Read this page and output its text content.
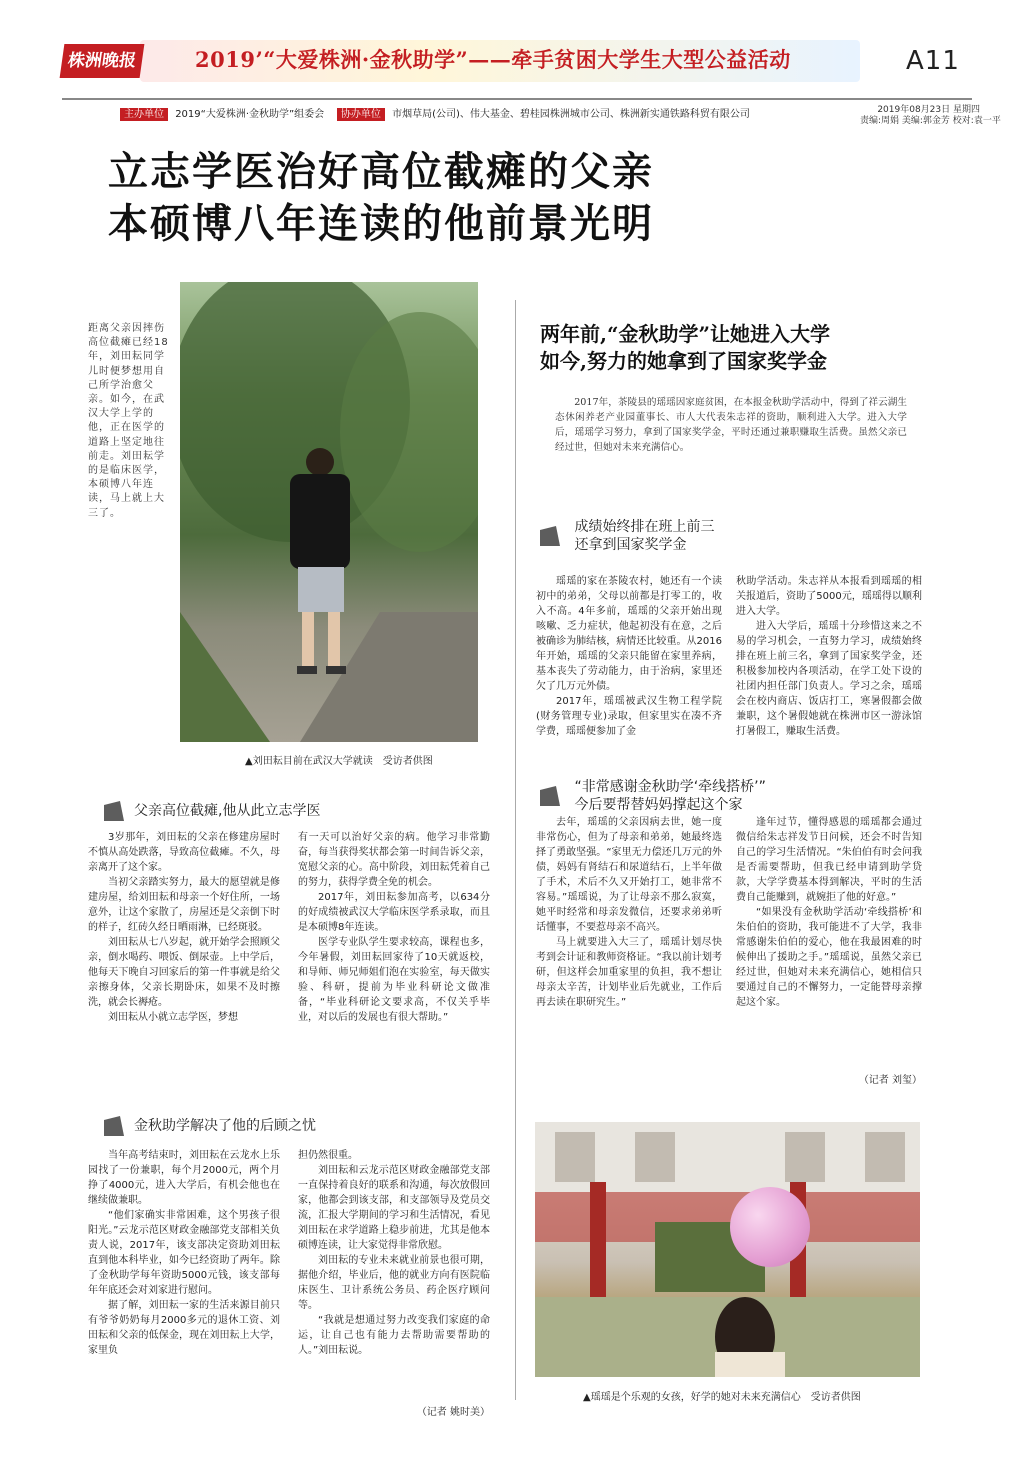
株洲晚报	2019’“大爱株洲·金秋助学”——牵手贫困大学生大型公益活动	A11
主办单位 2019“大爱株洲·金秋助学”组委会 协办单位 市烟草局(公司)、伟大基金、碧桂园株洲城市公司、株洲新实通铁路科贸有限公司	2019年08月23日 星期四
责编:周娟 美编:郭金芳 校对:袁一平
立志学医治好高位截瘫的父亲
本硕博八年连读的他前景光明
距离父亲因摔伤高位截瘫已经18年，刘田耘同学儿时便梦想用自己所学治愈父亲。如今，在武汉大学上学的他，正在医学的道路上坚定地往前走。刘田耘学的是临床医学，本硕博八年连读，马上就上大三了。
▲刘田耘目前在武汉大学就读　受访者供图
父亲高位截瘫,他从此立志学医

3岁那年，刘田耘的父亲在修建房屋时不慎从高处跌落，导致高位截瘫。不久，母亲离开了这个家。

当初父亲踏实努力，最大的愿望就是修建房屋，给刘田耘和母亲一个好住所，一场意外，让这个家散了，房屋还是父亲倒下时的样子，红砖久经日晒雨淋，已经斑驳。

刘田耘从七八岁起，就开始学会照顾父亲，倒水喝药、喂饭、倒尿壶。上中学后，他每天下晚自习回家后的第一件事就是给父亲擦身体，父亲长期卧床，如果不及时擦洗，就会长褥疮。

刘田耘从小就立志学医，梦想

有一天可以治好父亲的病。他学习非常勤奋，每当获得奖状都会第一时间告诉父亲，宽慰父亲的心。高中阶段，刘田耘凭着自己的努力，获得学费全免的机会。

2017年，刘田耘参加高考，以634分的好成绩被武汉大学临床医学系录取，而且是本硕博8年连读。

医学专业队学生要求较高，课程也多，今年暑假，刘田耘回家待了10天就返校，和导师、师兄师姐们泡在实验室，每天做实验、科研，提前为毕业科研论文做准备，“毕业科研论文要求高，不仅关乎毕业，对以后的发展也有很大帮助。”

金秋助学解决了他的后顾之忧

当年高考结束时，刘田耘在云龙水上乐园找了一份兼职，每个月2000元，两个月挣了4000元，进入大学后，有机会他也在继续做兼职。

“他们家确实非常困难，这个男孩子很阳光。”云龙示范区财政金融部党支部相关负责人说，2017年，该支部决定资助刘田耘直到他本科毕业，如今已经资助了两年。除了金秋助学每年资助5000元钱，该支部每年年底还会对刘家进行慰问。

据了解，刘田耘一家的生活来源目前只有爷爷奶奶每月2000多元的退休工资、刘田耘和父亲的低保金，现在刘田耘上大学，家里负

担仍然很重。

刘田耘和云龙示范区财政金融部党支部一直保持着良好的联系和沟通，每次放假回家，他都会到该支部，和支部领导及党员交流，汇报大学期间的学习和生活情况，看见刘田耘在求学道路上稳步前进，尤其是他本硕博连读，让大家觉得非常欣慰。

刘田耘的专业未来就业前景也很可期，据他介绍，毕业后，他的就业方向有医院临床医生、卫计系统公务员、药企医疗顾问等。

“我就是想通过努力改变我们家庭的命运，让自己也有能力去帮助需要帮助的人。”刘田耘说。

（记者 姚时美）
两年前,“金秋助学”让她进入大学
如今,努力的她拿到了国家奖学金

2017年，茶陵县的瑶瑶因家庭贫困，在本报金秋助学活动中，得到了祥云湖生态休闲养老产业园董事长、市人大代表朱志祥的资助，顺利进入大学。进入大学后，瑶瑶学习努力，拿到了国家奖学金，平时还通过兼职赚取生活费。虽然父亲已经过世，但她对未来充满信心。

成绩始终排在班上前三
还拿到国家奖学金

瑶瑶的家在茶陵农村，她还有一个读初中的弟弟，父母以前都是打零工的，收入不高。4年多前，瑶瑶的父亲开始出现咳嗽、乏力症状，他起初没有在意，之后被确诊为肺结核，病情还比较重。从2016年开始，瑶瑶的父亲只能留在家里养病，基本丧失了劳动能力，由于治病，家里还欠了几万元外债。

2017年，瑶瑶被武汉生物工程学院(财务管理专业)录取，但家里实在凑不齐学费，瑶瑶便参加了金

秋助学活动。朱志祥从本报看到瑶瑶的相关报道后，资助了5000元，瑶瑶得以顺利进入大学。

进入大学后，瑶瑶十分珍惜这来之不易的学习机会，一直努力学习，成绩始终排在班上前三名，拿到了国家奖学金，还积极参加校内各项活动，在学工处下设的社团内担任部门负责人。学习之余，瑶瑶会在校内商店、饭店打工，寒暑假都会做兼职，这个暑假她就在株洲市区一游泳馆打暑假工，赚取生活费。

“非常感谢金秋助学‘牵线搭桥’”
今后要帮替妈妈撑起这个家

去年，瑶瑶的父亲因病去世，她一度非常伤心，但为了母亲和弟弟，她最终选择了勇敢坚强。“家里无力偿还几万元的外债，妈妈有肾结石和尿道结石，上半年做了手术，术后不久又开始打工，她非常不容易。”瑶瑶说，为了让母亲不那么寂寞，她平时经常和母亲发微信，还要求弟弟听话懂事，不要惹母亲不高兴。

马上就要进入大三了，瑶瑶计划尽快考到会计证和教师资格证。“我以前计划考研，但这样会加重家里的负担，我不想让母亲太辛苦，计划毕业后先就业，工作后再去读在职研究生。”

逢年过节，懂得感恩的瑶瑶都会通过微信给朱志祥发节日问候，还会不时告知自己的学习生活情况。“朱伯伯有时会问我是否需要帮助，但我已经申请到助学贷款，大学学费基本得到解决，平时的生活费自己能赚到，就婉拒了他的好意。”

“如果没有金秋助学活动‘牵线搭桥’和朱伯伯的资助，我可能进不了大学，我非常感谢朱伯伯的爱心，他在我最困难的时候伸出了援助之手。”瑶瑶说，虽然父亲已经过世，但她对未来充满信心，她相信只要通过自己的不懈努力，一定能替母亲撑起这个家。

（记者 刘玺）
▲瑶瑶是个乐观的女孩，好学的她对未来充满信心　受访者供图
